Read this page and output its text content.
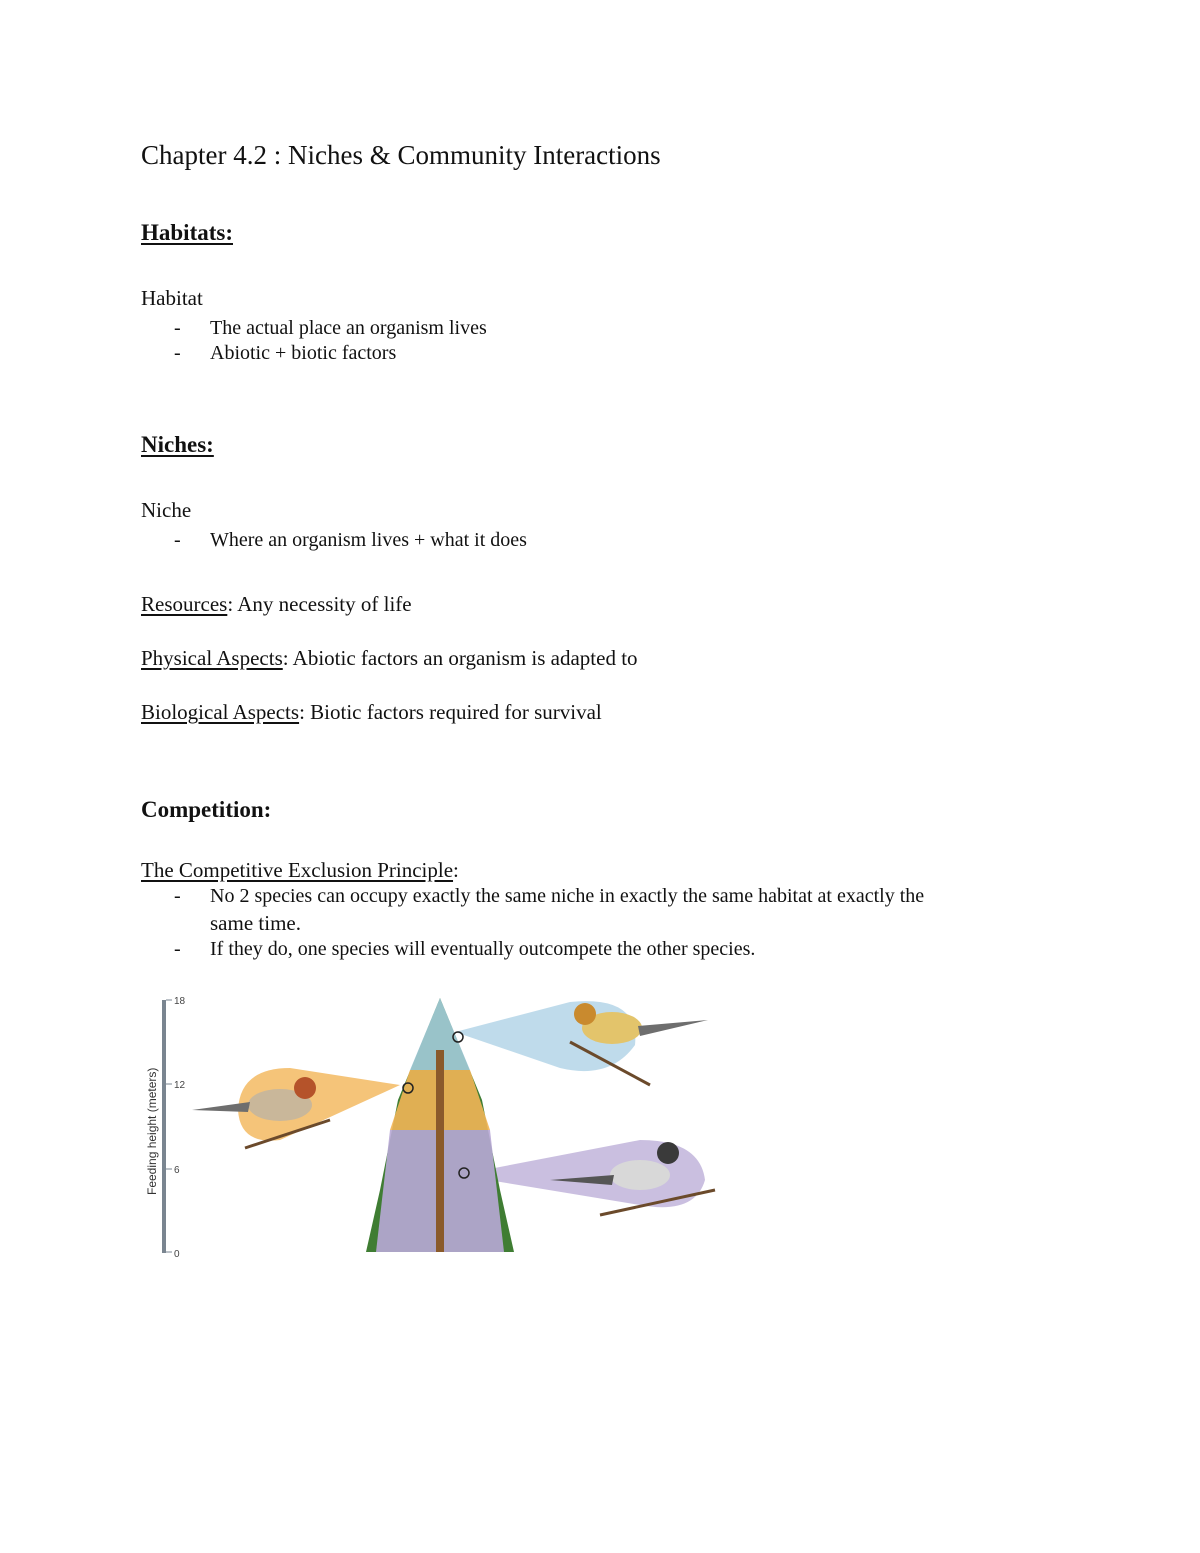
Chapter 4.2 : Niches & Community Interactions
Habitats:
Habitat
- The actual place an organism lives
- Abiotic + biotic factors
Niches:
Niche
- Where an organism lives + what it does
Resources: Any necessity of life
Physical Aspects: Abiotic factors an organism is adapted to
Biological Aspects: Biotic factors required for survival
Competition:
The Competitive Exclusion Principle:
- No 2 species can occupy exactly the same niche in exactly the same habitat at exactly the
same time.
- If they do, one species will eventually outcompete the other species.
18
12
6
0
Feeding height (meters)
